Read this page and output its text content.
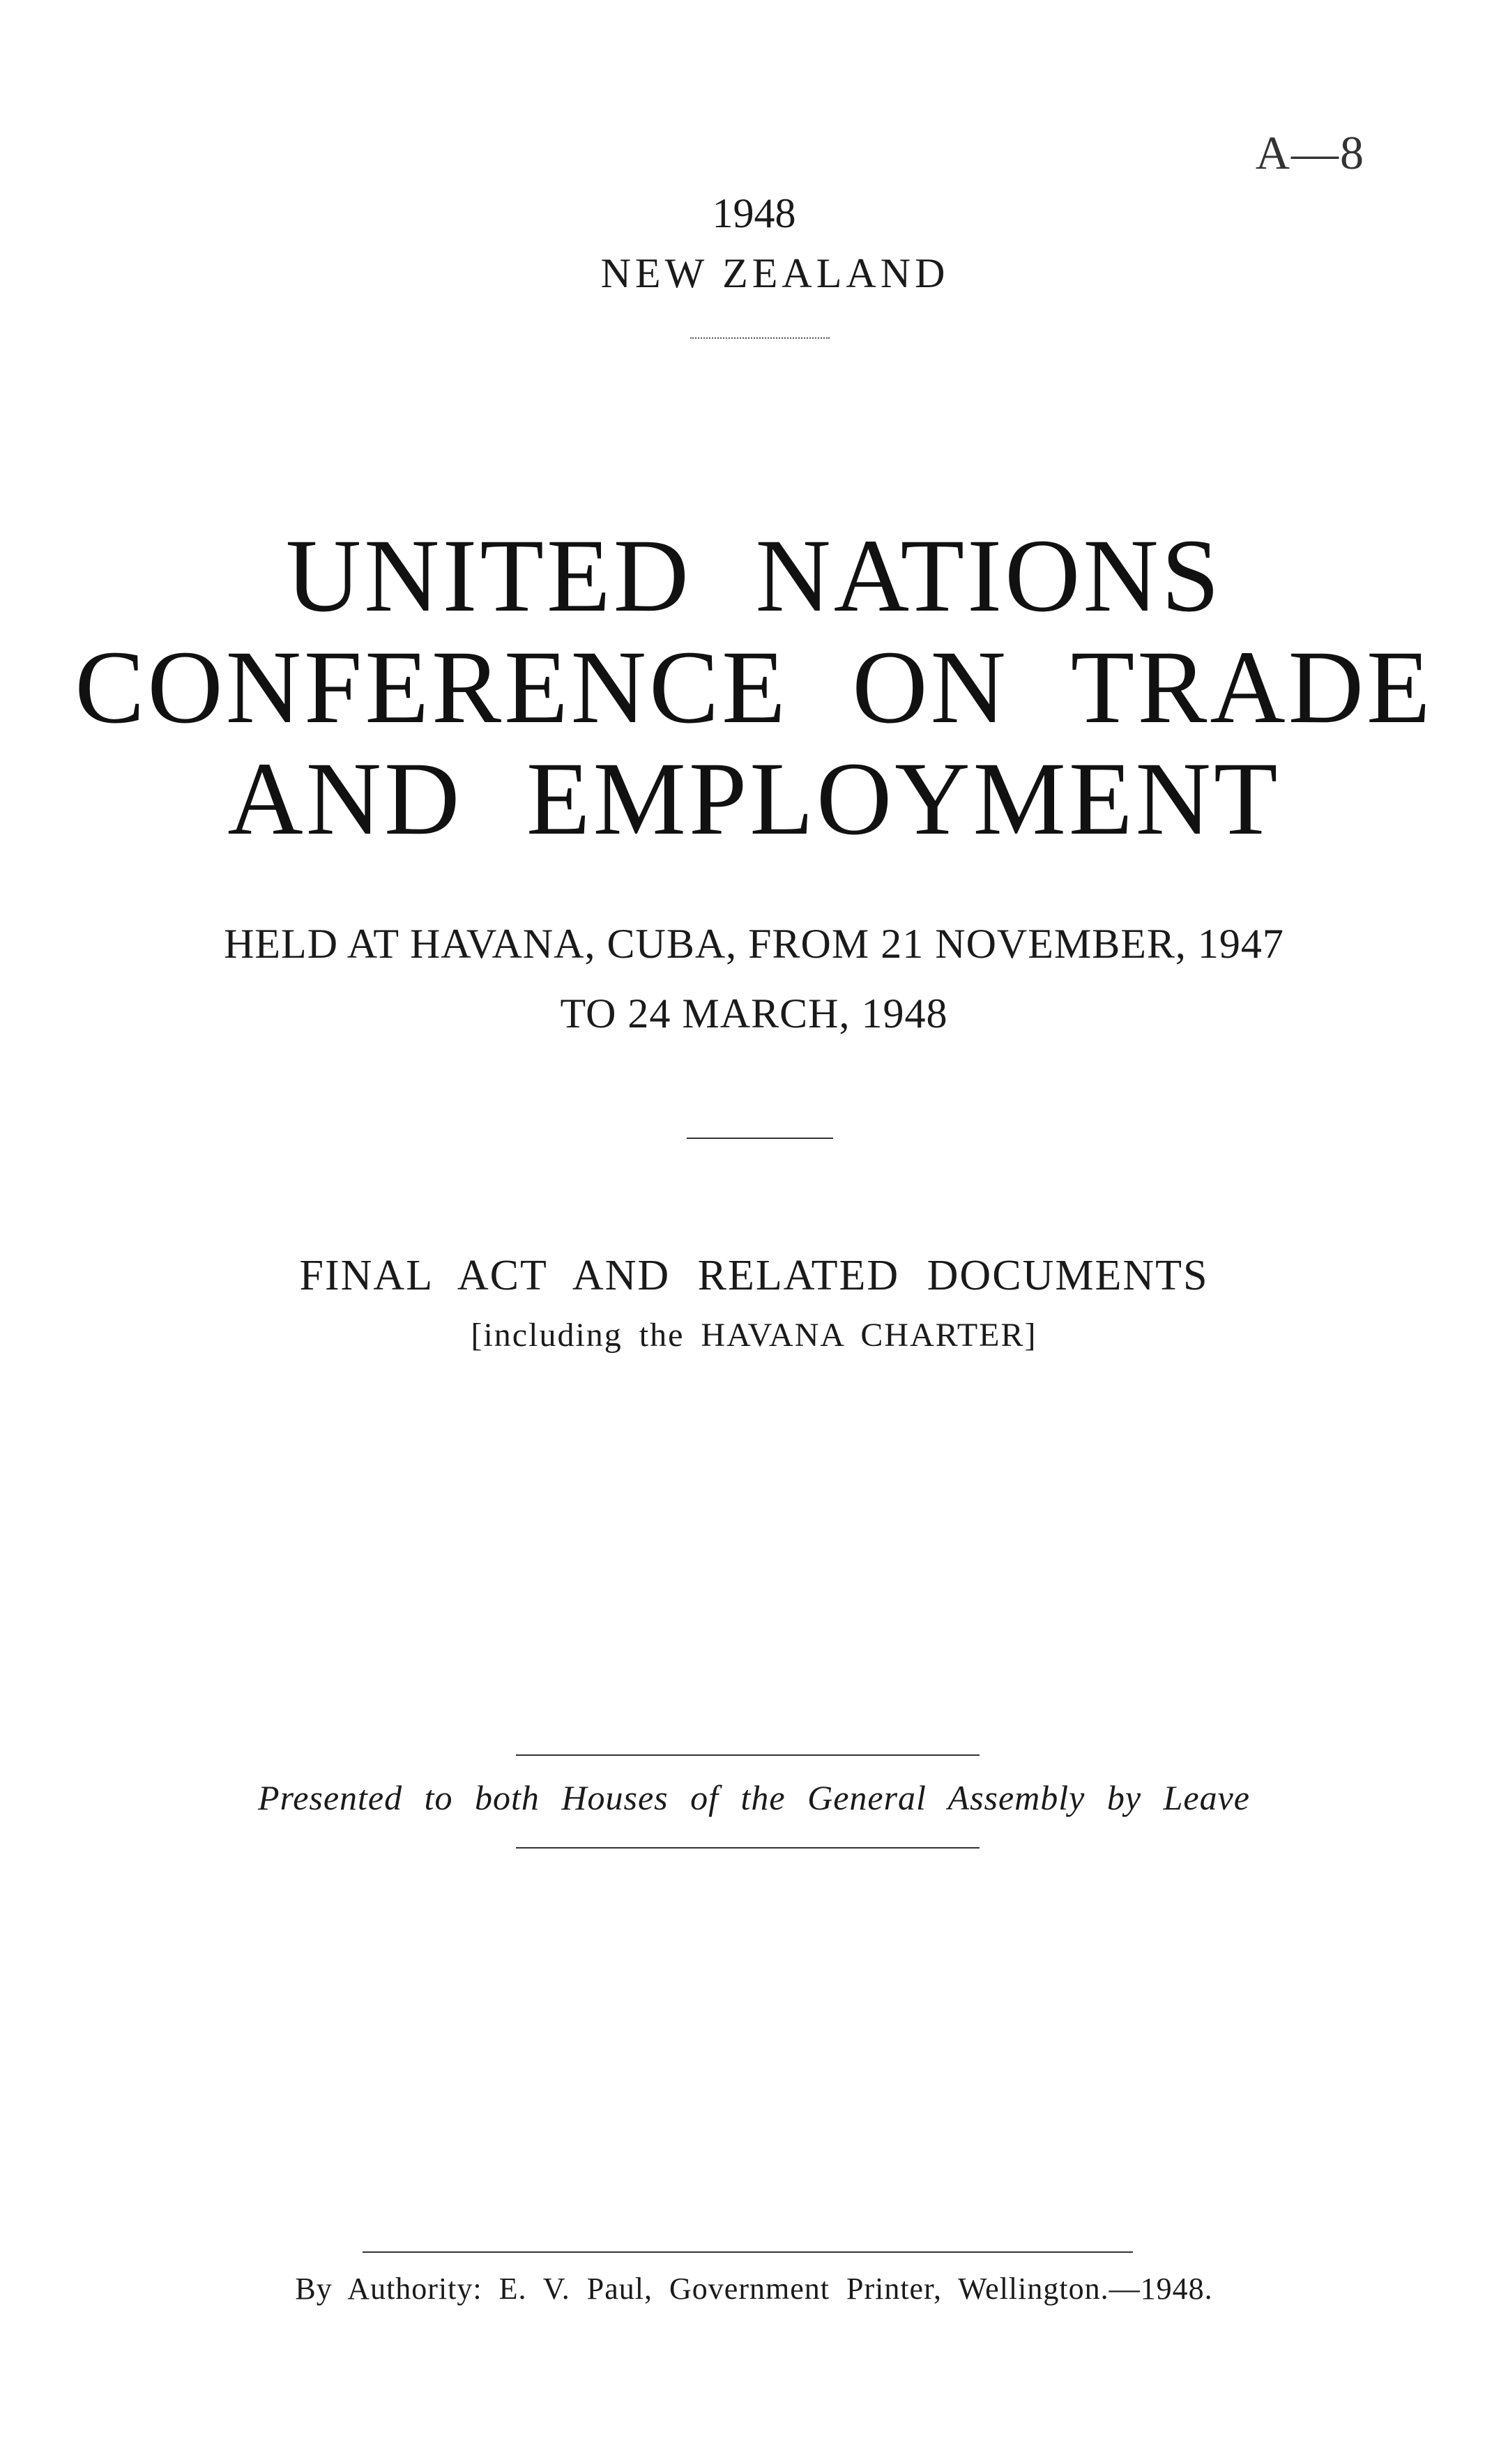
A—8
1948
NEW ZEALAND
UNITED NATIONS
CONFERENCE ON TRADE
AND EMPLOYMENT
HELD AT HAVANA, CUBA, FROM 21 NOVEMBER, 1947
TO 24 MARCH, 1948
FINAL ACT AND RELATED DOCUMENTS
[including the HAVANA CHARTER]
Presented to both Houses of the General Assembly by Leave
By Authority: E. V. Paul, Government Printer, Wellington.—1948.
